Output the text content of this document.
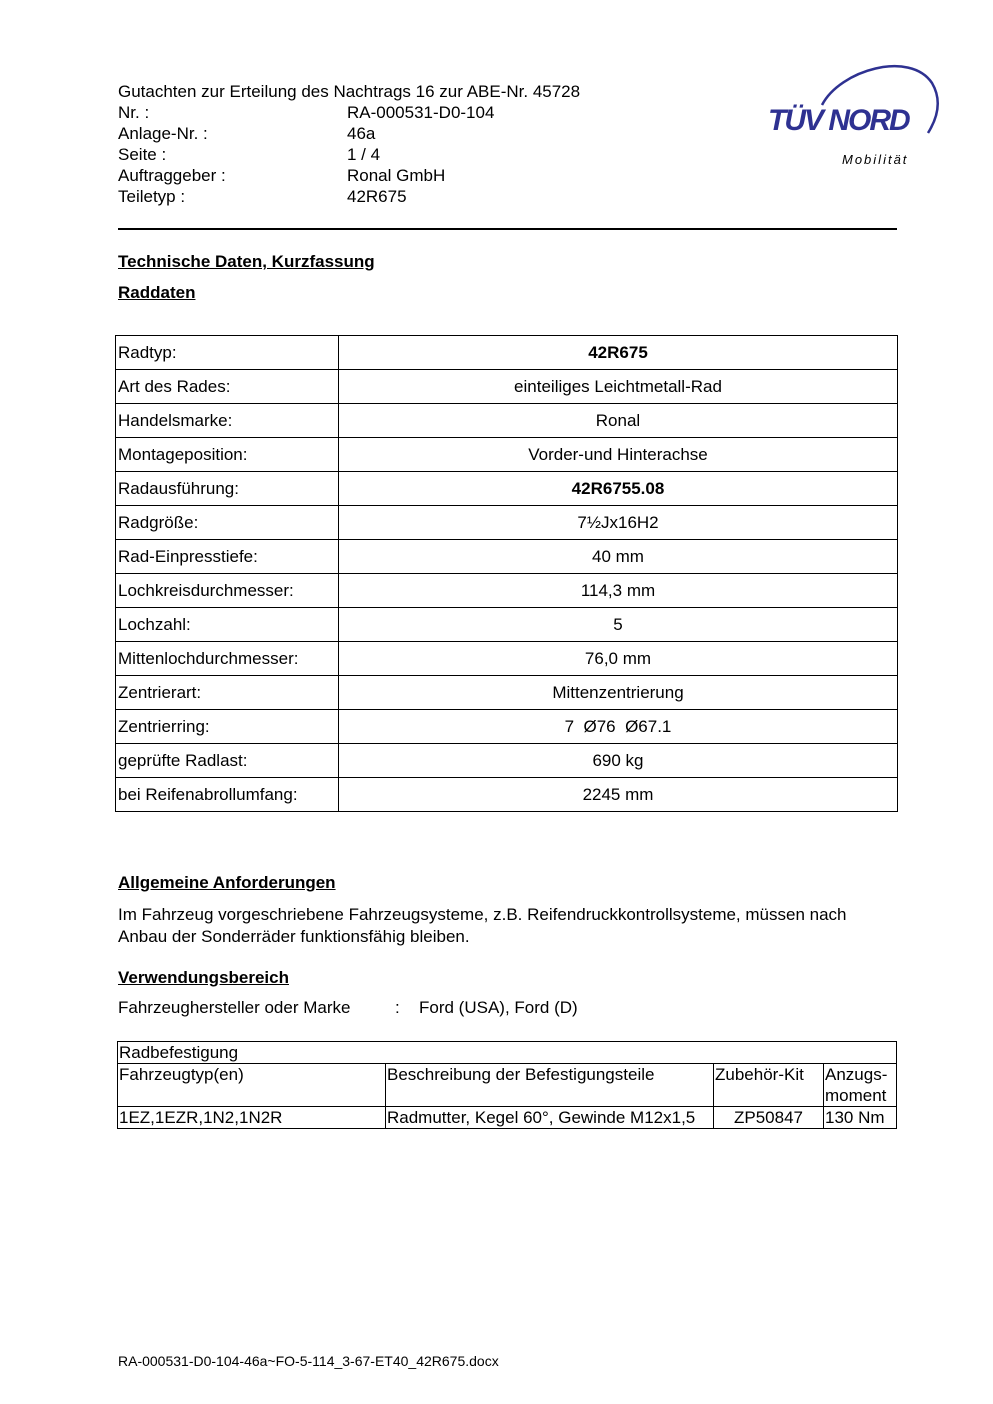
Gutachten zur Erteilung des Nachtrags 16 zur ABE-Nr. 45728
Nr. :	RA-000531-D0-104
Anlage-Nr. :	46a
Seite :	1 / 4
Auftraggeber :	Ronal GmbH
Teiletyp :	42R675
TÜV NORD
Mobilität
Technische Daten, Kurzfassung
Raddaten
Radtyp:	42R675
Art des Rades:	einteiliges Leichtmetall-Rad
Handelsmarke:	Ronal
Montageposition:	Vorder-und Hinterachse
Radausführung:	42R6755.08
Radgröße:	7½Jx16H2
Rad-Einpresstiefe:	40 mm
Lochkreisdurchmesser:	114,3 mm
Lochzahl:	5
Mittenlochdurchmesser:	76,0 mm
Zentrierart:	Mittenzentrierung
Zentrierring:	7  Ø76  Ø67.1
geprüfte Radlast:	690 kg
bei Reifenabrollumfang:	2245 mm
Allgemeine Anforderungen
Im Fahrzeug vorgeschriebene Fahrzeugsysteme, z.B. Reifendruckkontrollsysteme, müssen nach Anbau der Sonderräder funktionsfähig bleiben.
Verwendungsbereich
Fahrzeughersteller oder Marke	: Ford (USA), Ford (D)
Radbefestigung			
Fahrzeugtyp(en)	Beschreibung der Befestigungsteile	Zubehör-Kit	Anzugs-moment
1EZ,1EZR,1N2,1N2R	Radmutter, Kegel 60°, Gewinde M12x1,5	ZP50847	130 Nm
RA-000531-D0-104-46a~FO-5-114_3-67-ET40_42R675.docx
